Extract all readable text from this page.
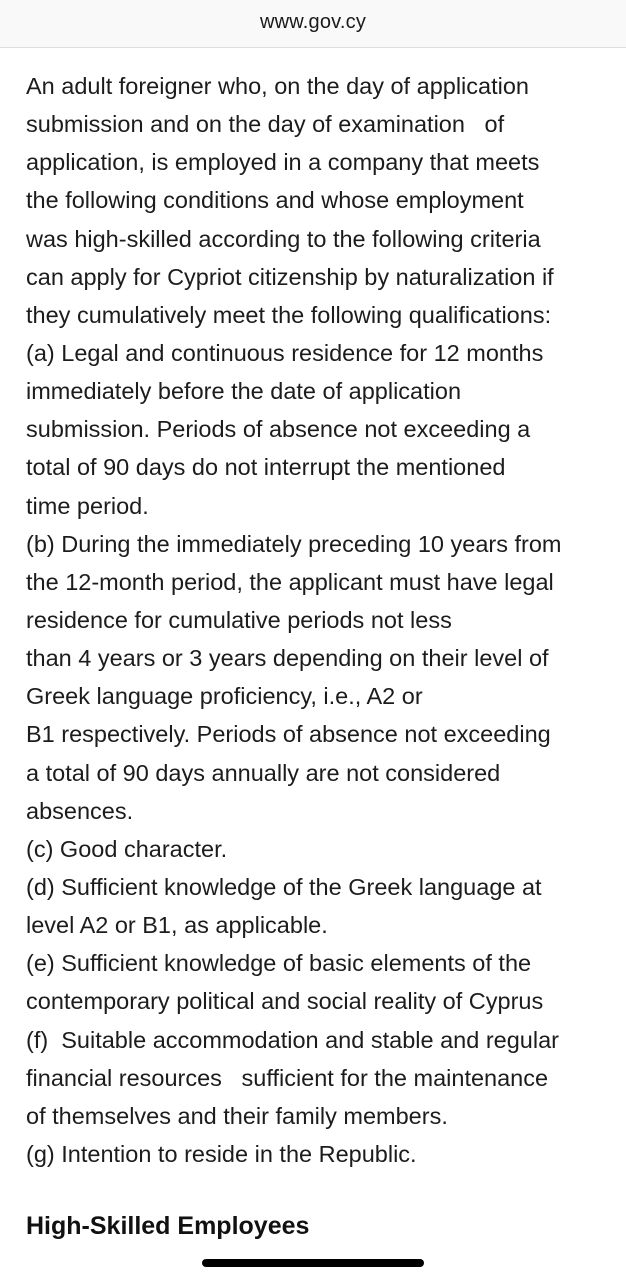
www.gov.cy
An adult foreigner who, on the day of application
submission and on the day of examination   of
application, is employed in a company that meets
the following conditions and whose employment
was high-skilled according to the following criteria
can apply for Cypriot citizenship by naturalization if
they cumulatively meet the following qualifications:
(a) Legal and continuous residence for 12 months
immediately before the date of application
submission. Periods of absence not exceeding a
total of 90 days do not interrupt the mentioned
time period.
(b) During the immediately preceding 10 years from
the 12-month period, the applicant must have legal
residence for cumulative periods not less
than 4 years or 3 years depending on their level of
Greek language proficiency, i.e., A2 or
B1 respectively. Periods of absence not exceeding
a total of 90 days annually are not considered
absences.
(c) Good character.
(d) Sufficient knowledge of the Greek language at
level A2 or B1, as applicable.
(e) Sufficient knowledge of basic elements of the
contemporary political and social reality of Cyprus
(f)  Suitable accommodation and stable and regular
financial resources   sufficient for the maintenance
of themselves and their family members.
(g) Intention to reside in the Republic.
High-Skilled Employees
